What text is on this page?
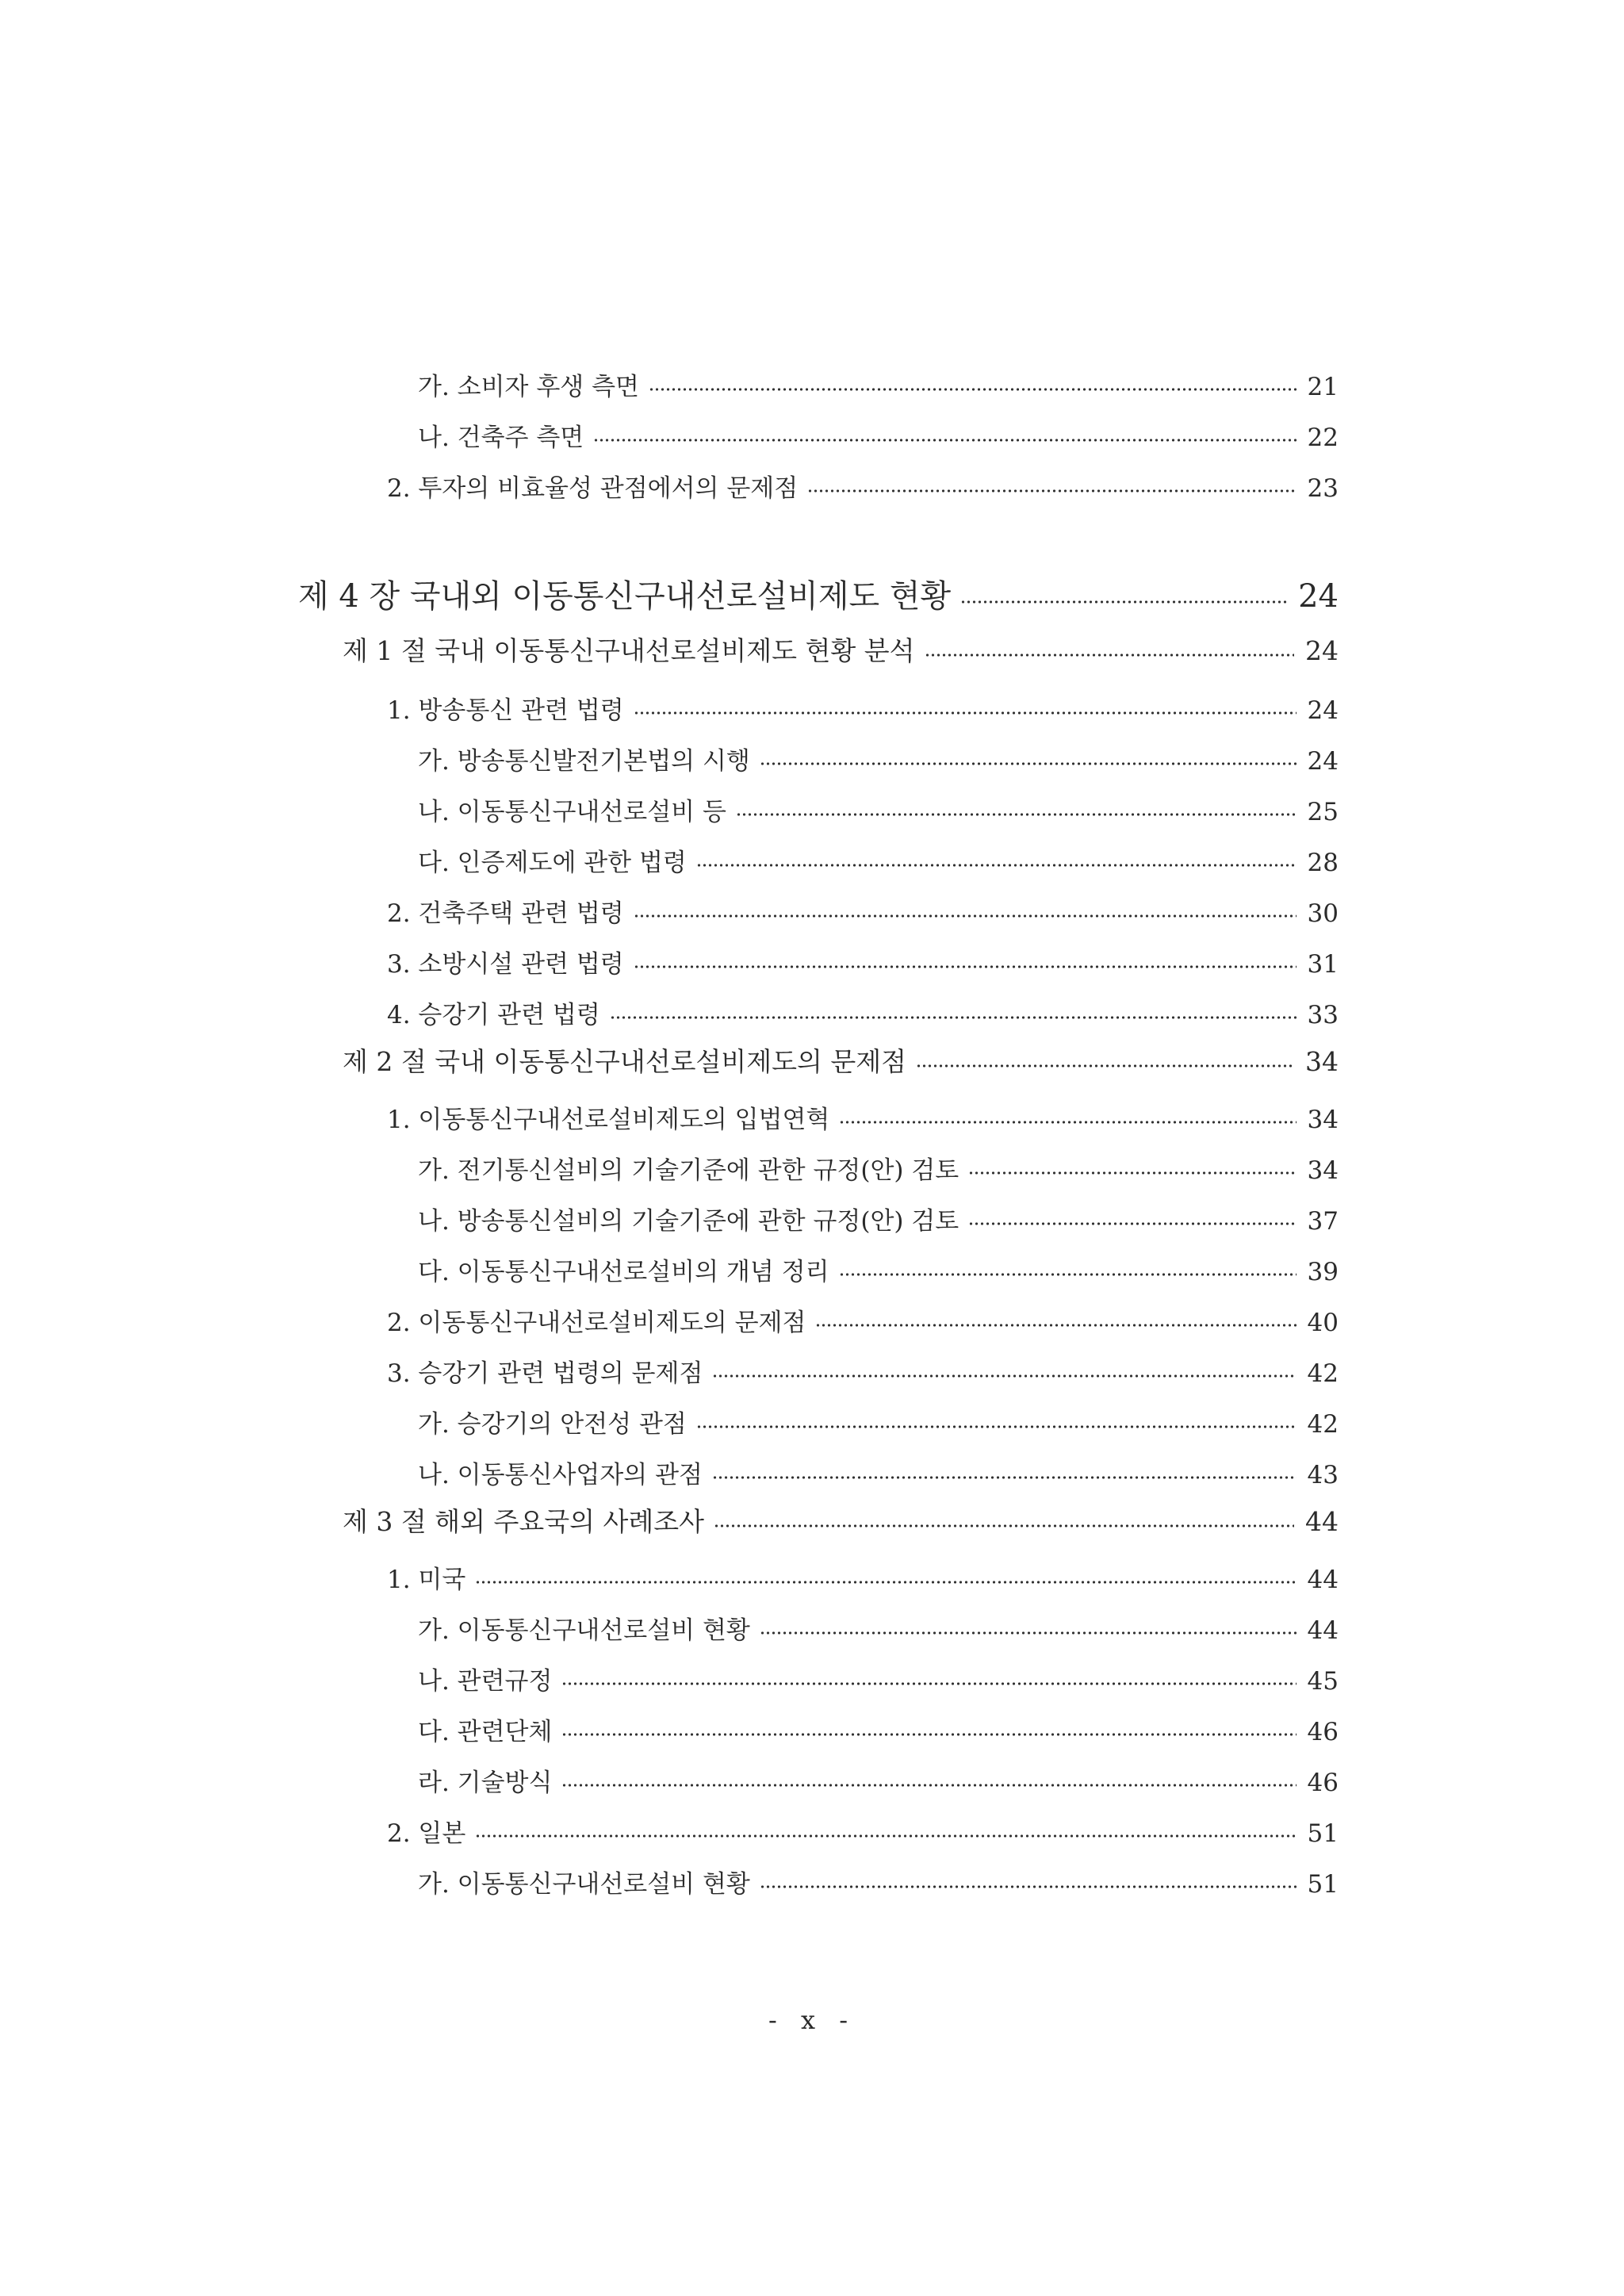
가. 소비자 후생 측면	21
나. 건축주 측면	22
2. 투자의 비효율성 관점에서의 문제점	23
제 4 장 국내외 이동통신구내선로설비제도 현황	24
제 1 절 국내 이동통신구내선로설비제도 현황 분석	24
1. 방송통신 관련 법령	24
가. 방송통신발전기본법의 시행	24
나. 이동통신구내선로설비 등	25
다. 인증제도에 관한 법령	28
2. 건축주택 관련 법령	30
3. 소방시설 관련 법령	31
4. 승강기 관련 법령	33
제 2 절 국내 이동통신구내선로설비제도의 문제점	34
1. 이동통신구내선로설비제도의 입법연혁	34
가. 전기통신설비의 기술기준에 관한 규정(안) 검토	34
나. 방송통신설비의 기술기준에 관한 규정(안) 검토	37
다. 이동통신구내선로설비의 개념 정리	39
2. 이동통신구내선로설비제도의 문제점	40
3. 승강기 관련 법령의 문제점	42
가. 승강기의 안전성 관점	42
나. 이동통신사업자의 관점	43
제 3 절 해외 주요국의 사례조사	44
1. 미국	44
가. 이동통신구내선로설비 현황	44
나. 관련규정	45
다. 관련단체	46
라. 기술방식	46
2. 일본	51
가. 이동통신구내선로설비 현황	51
- x -
